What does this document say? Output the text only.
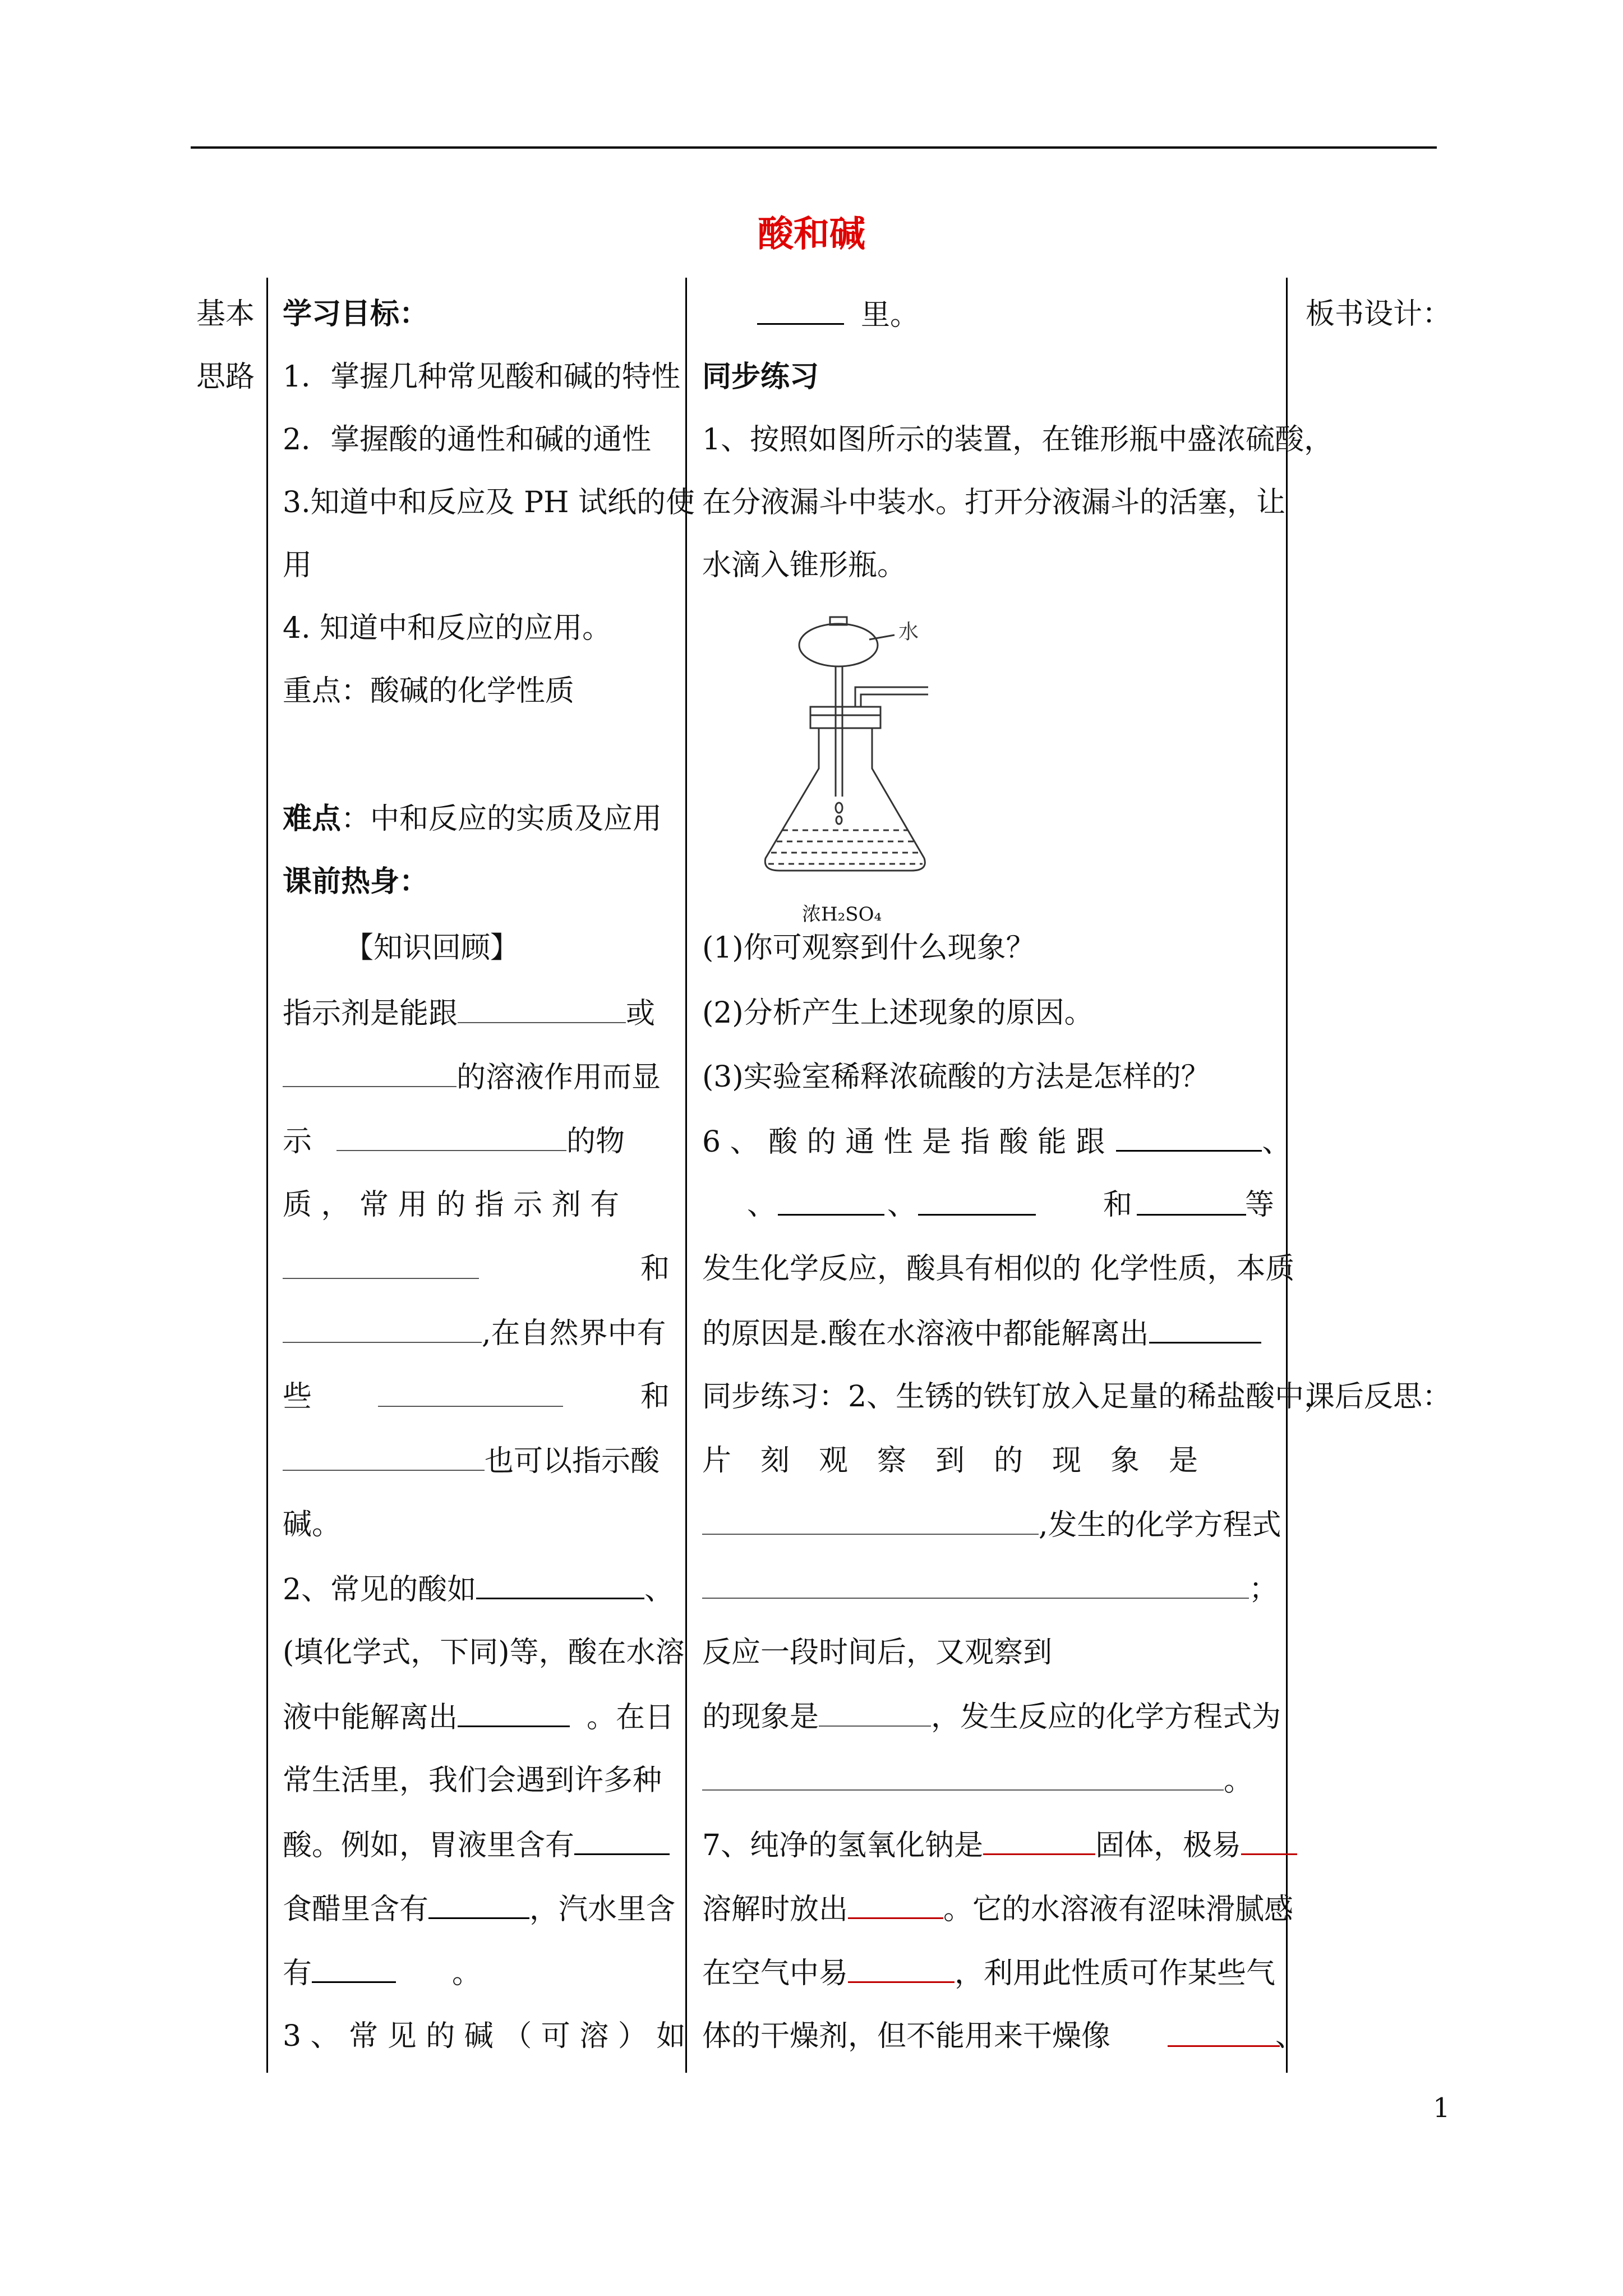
酸和碱
基本
思路
学习目标：
1．掌握几种常见酸和碱的特性
2．掌握酸的通性和碱的通性
3.知道中和反应及 PH 试纸的使
用
4. 知道中和反应的应用。
重点：酸碱的化学性质
难点：中和反应的实质及应用
课前热身：
【知识回顾】
指示剂是能跟	或
的溶液作用而显
示	的物
质 ， 常 用 的 指 示 剂 有
和
,在自然界中有
些	和
也可以指示酸
碱。
2、常见的酸如	、
(填化学式，下同)等，酸在水溶
液中能解离出	。在日
常生活里，我们会遇到许多种
酸。例如，胃液里含有
食醋里含有	，汽水里含
有	。
3 、 常 见 的 碱 （ 可 溶 ） 如
里。
同步练习
1、按照如图所示的装置，在锥形瓶中盛浓硫酸，
在分液漏斗中装水。打开分液漏斗的活塞，让
水滴入锥形瓶。
水
浓H₂SO₄
(1)你可观察到什么现象？
(2)分析产生上述现象的原因。
(3)实验室稀释浓硫酸的方法是怎样的？
6 、 酸 的 通 性 是 指 酸 能 跟	、
、	、	和	等
发生化学反应，酸具有相似的 化学性质，本质
的原因是.酸在水溶液中都能解离出
同步练习：2、生锈的铁钉放入足量的稀盐酸中，
片　刻　观　察　到　的　现　象　是
,发生的化学方程式
；
反应一段时间后，又观察到
的现象是	，发生反应的化学方程式为
。
7、纯净的氢氧化钠是	固体，极易
溶解时放出	。它的水溶液有涩味滑腻感
在空气中易	，利用此性质可作某些气
体的干燥剂，但不能用来干燥像	、
板书设计：
课后反思：
1
